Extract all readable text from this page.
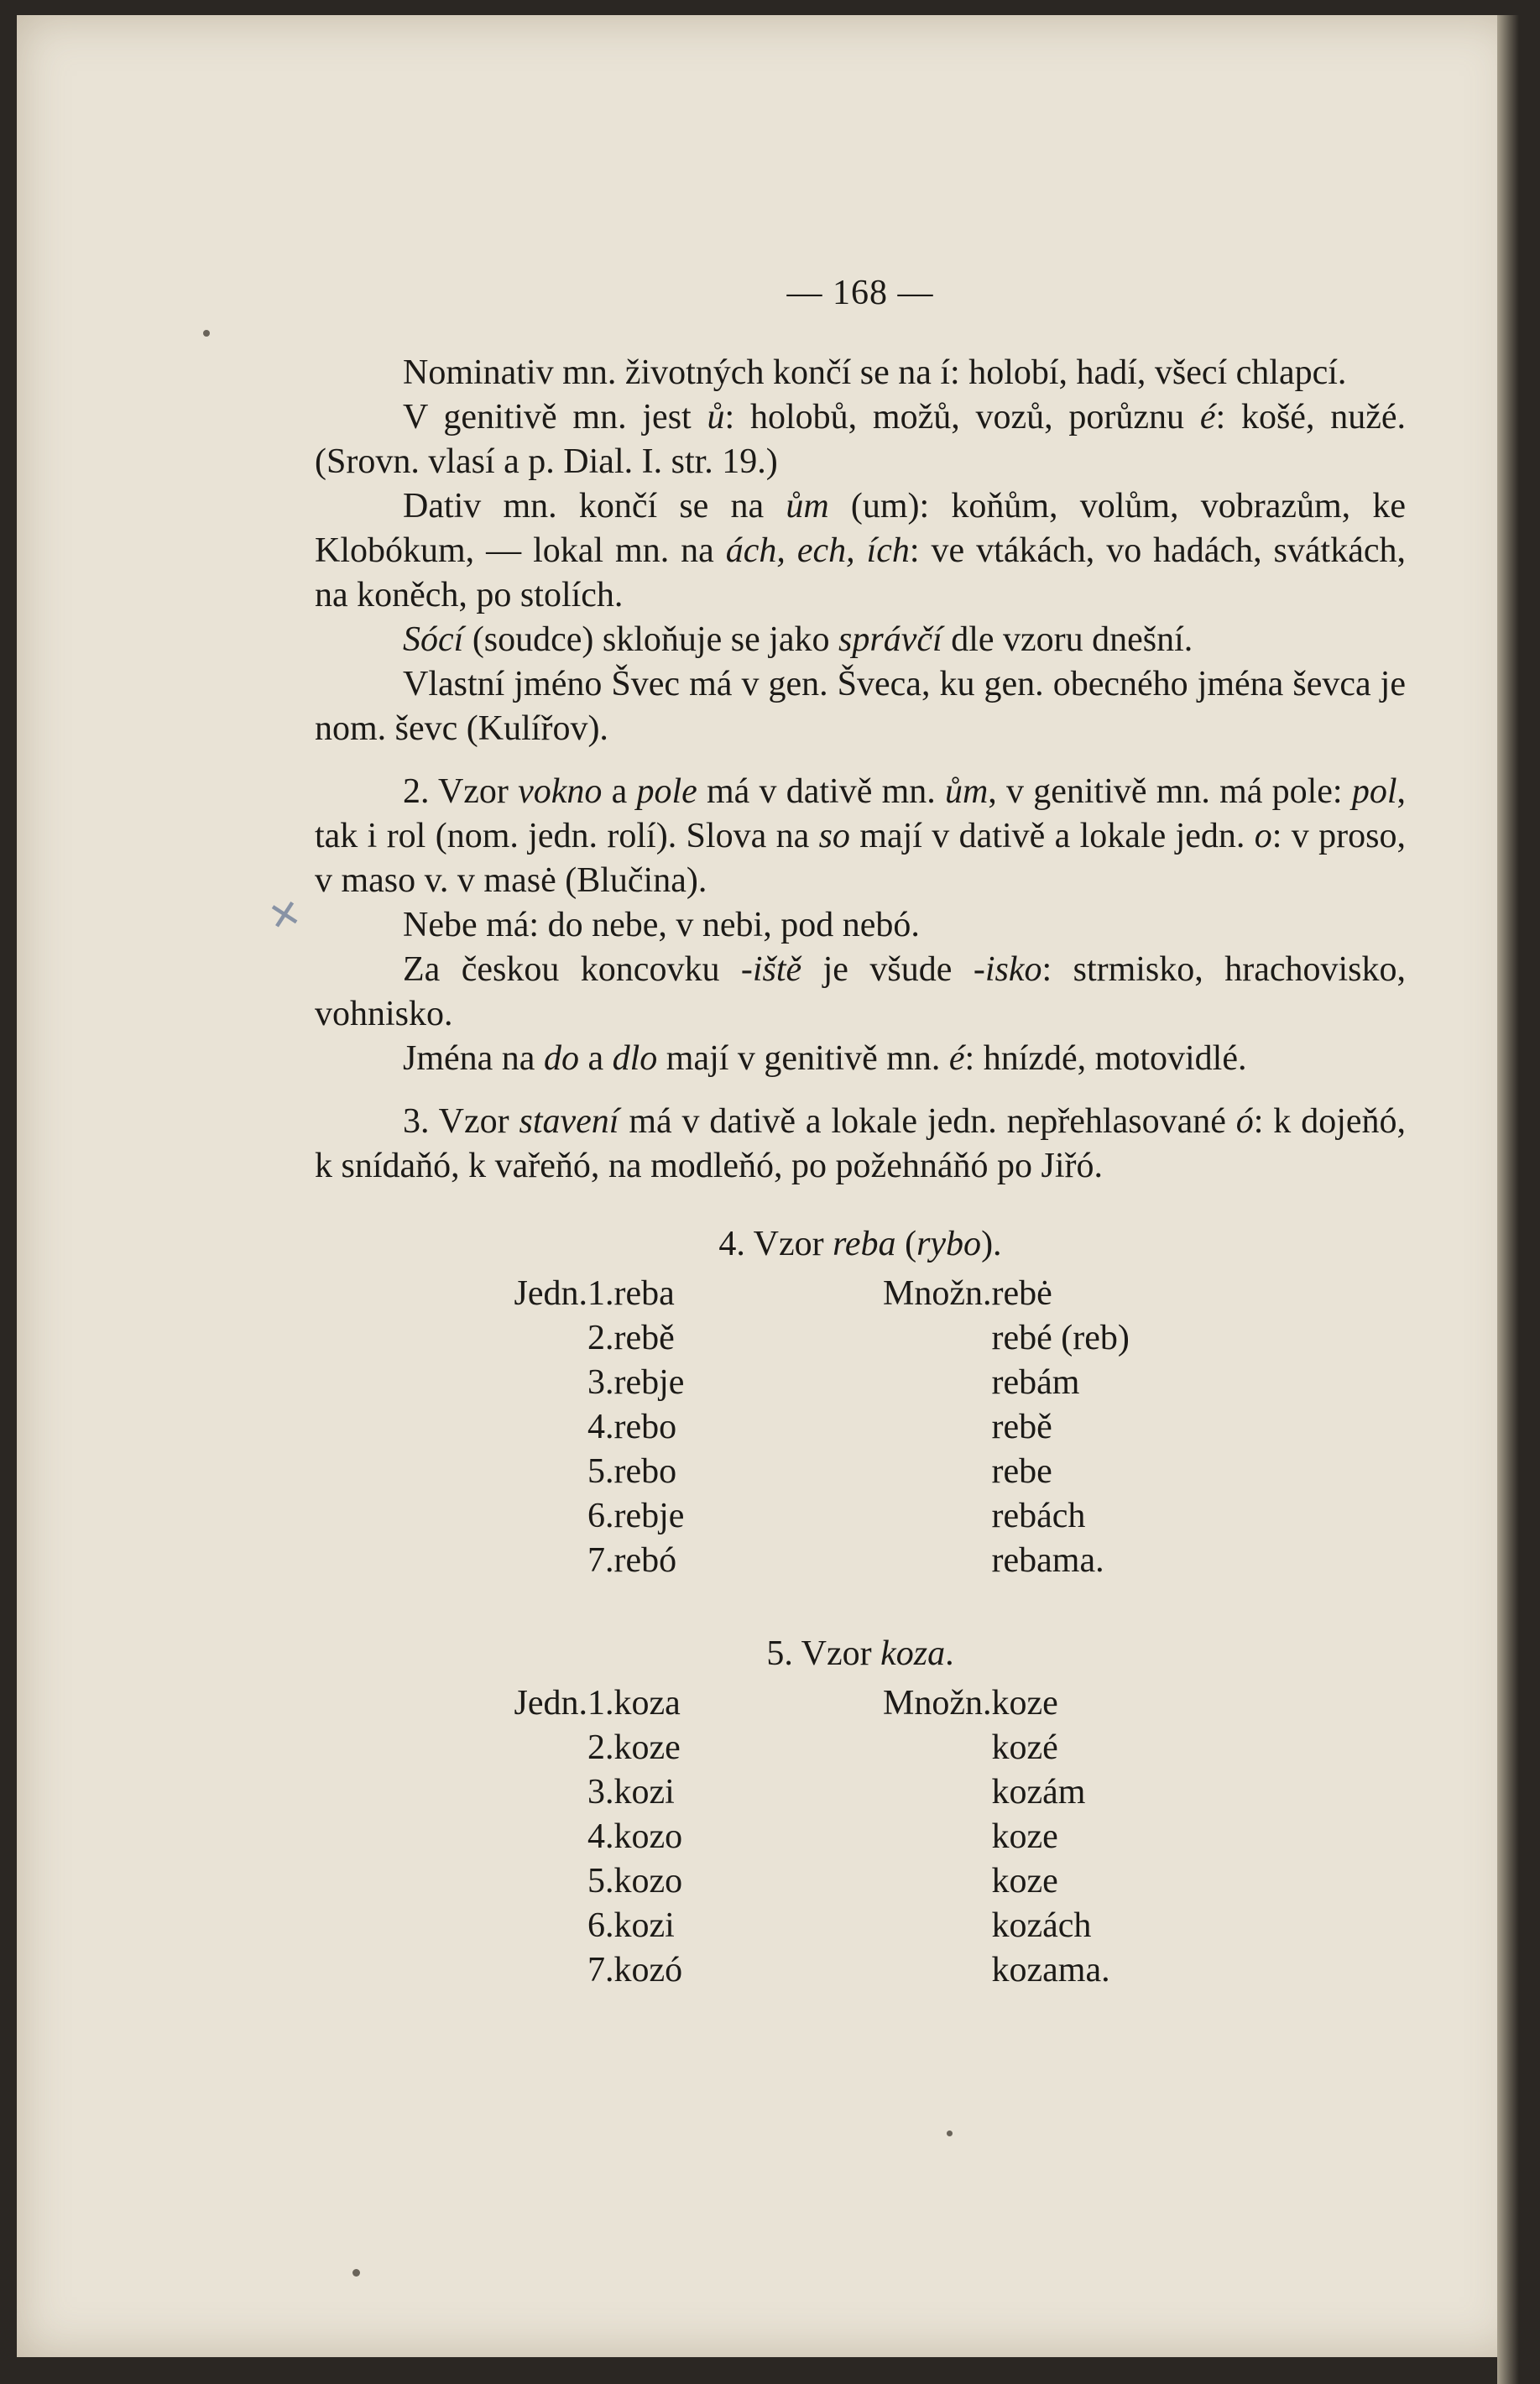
✕
— 168 —

Nominativ mn. životných končí se na í: holobí, hadí, všecí chlapcí.

V genitivě mn. jest ů: holobů, možů, vozů, porůznu é: košé, nužé. (Srovn. vlasí a p. Dial. I. str. 19.)

Dativ mn. končí se na ům (um): koňům, volům, vobrazům, ke Klobókum, — lokal mn. na ách, ech, ích: ve vtákách, vo hadách, svátkách, na koněch, po stolích.

Sócí (soudce) skloňuje se jako správčí dle vzoru dnešní.

Vlastní jméno Švec má v gen. Šveca, ku gen. obecného jména ševca je nom. ševc (Kulířov).

2. Vzor vokno a pole má v dativě mn. ům, v genitivě mn. má pole: pol, tak i rol (nom. jedn. rolí). Slova na so mají v dativě a lokale jedn. o: v proso, v maso v. v masė (Blučina).

Nebe má: do nebe, v nebi, pod nebó.

Za českou koncovku -iště je všude -isko: strmisko, hrachovisko, vohnisko.

Jména na do a dlo mají v genitivě mn. é: hnízdé, motovidlé.

3. Vzor stavení má v dativě a lokale jedn. nepřehlasované ó: k dojeňó, k snídaňó, k vařeňó, na modleňó, po požehnáňó po Jiřó.

4. Vzor reba (rybo).
Jedn.	1.	reba	Množn.	rebė
	2.	rebě		rebé (reb)
	3.	rebje		rebám
	4.	rebo		rebě
	5.	rebo		rebe
	6.	rebje		rebách
	7.	rebó		rebama.
5. Vzor koza.
Jedn.	1.	koza	Množn.	koze
	2.	koze		kozé
	3.	kozi		kozám
	4.	kozo		koze
	5.	kozo		koze
	6.	kozi		kozách
	7.	kozó		kozama.
